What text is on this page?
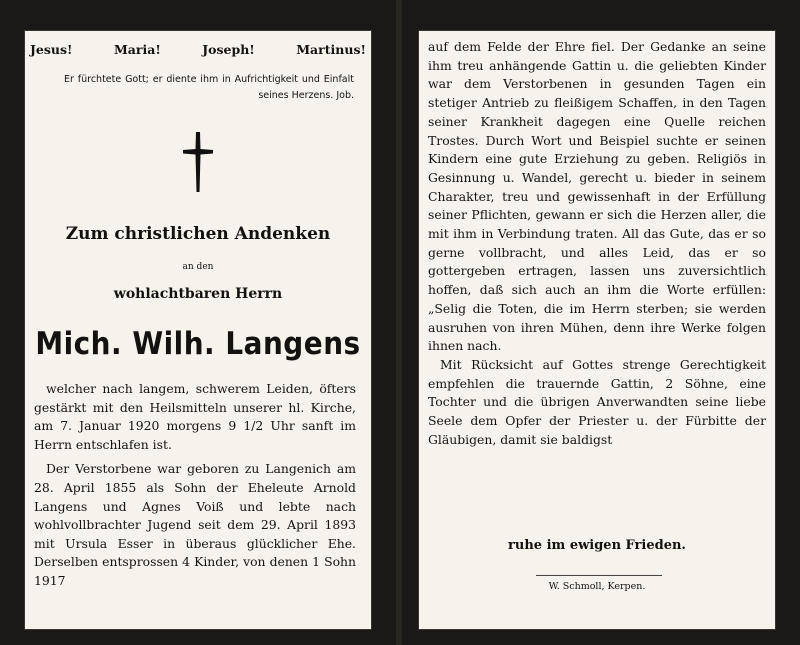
Jesus!	Maria!	Joseph!	Martinus!
Er fürchtete Gott; er diente ihm in Aufrichtigkeit und Einfalt seines Herzens. Job.
Zum christlichen Andenken
an den
wohlachtbaren Herrn
Mich. Wilh. Langens

welcher nach langem, schwerem Leiden, öfters gestärkt mit den Heilsmitteln unserer hl. Kirche, am 7. Januar 1920 morgens 9 1/2 Uhr sanft im Herrn entschlafen ist.

Der Verstorbene war geboren zu Langenich am 28. April 1855 als Sohn der Eheleute Arnold Langens und Agnes Voiß und lebte nach wohlvollbrachter Jugend seit dem 29. April 1893 mit Ursula Esser in überaus glücklicher Ehe. Derselben entsprossen 4 Kinder, von denen 1 Sohn 1917

auf dem Felde der Ehre fiel. Der Gedanke an seine ihm treu anhängende Gattin u. die geliebten Kinder war dem Verstorbenen in gesunden Tagen ein stetiger Antrieb zu fleißigem Schaffen, in den Tagen seiner Krankheit dagegen eine Quelle reichen Trostes. Durch Wort und Beispiel suchte er seinen Kindern eine gute Erziehung zu geben. Religiös in Gesinnung u. Wandel, gerecht u. bieder in seinem Charakter, treu und gewissenhaft in der Erfüllung seiner Pflichten, gewann er sich die Herzen aller, die mit ihm in Verbindung traten. All das Gute, das er so gerne vollbracht, und alles Leid, das er so gottergeben ertragen, lassen uns zuversichtlich hoffen, daß sich auch an ihm die Worte erfüllen: „Selig die Toten, die im Herrn sterben; sie werden ausruhen von ihren Mühen, denn ihre Werke folgen ihnen nach.

Mit Rücksicht auf Gottes strenge Gerechtigkeit empfehlen die trauernde Gattin, 2 Söhne, eine Tochter und die übrigen Anverwandten seine liebe Seele dem Opfer der Priester u. der Fürbitte der Gläubigen, damit sie baldigst

ruhe im ewigen Frieden.
W. Schmoll, Kerpen.
